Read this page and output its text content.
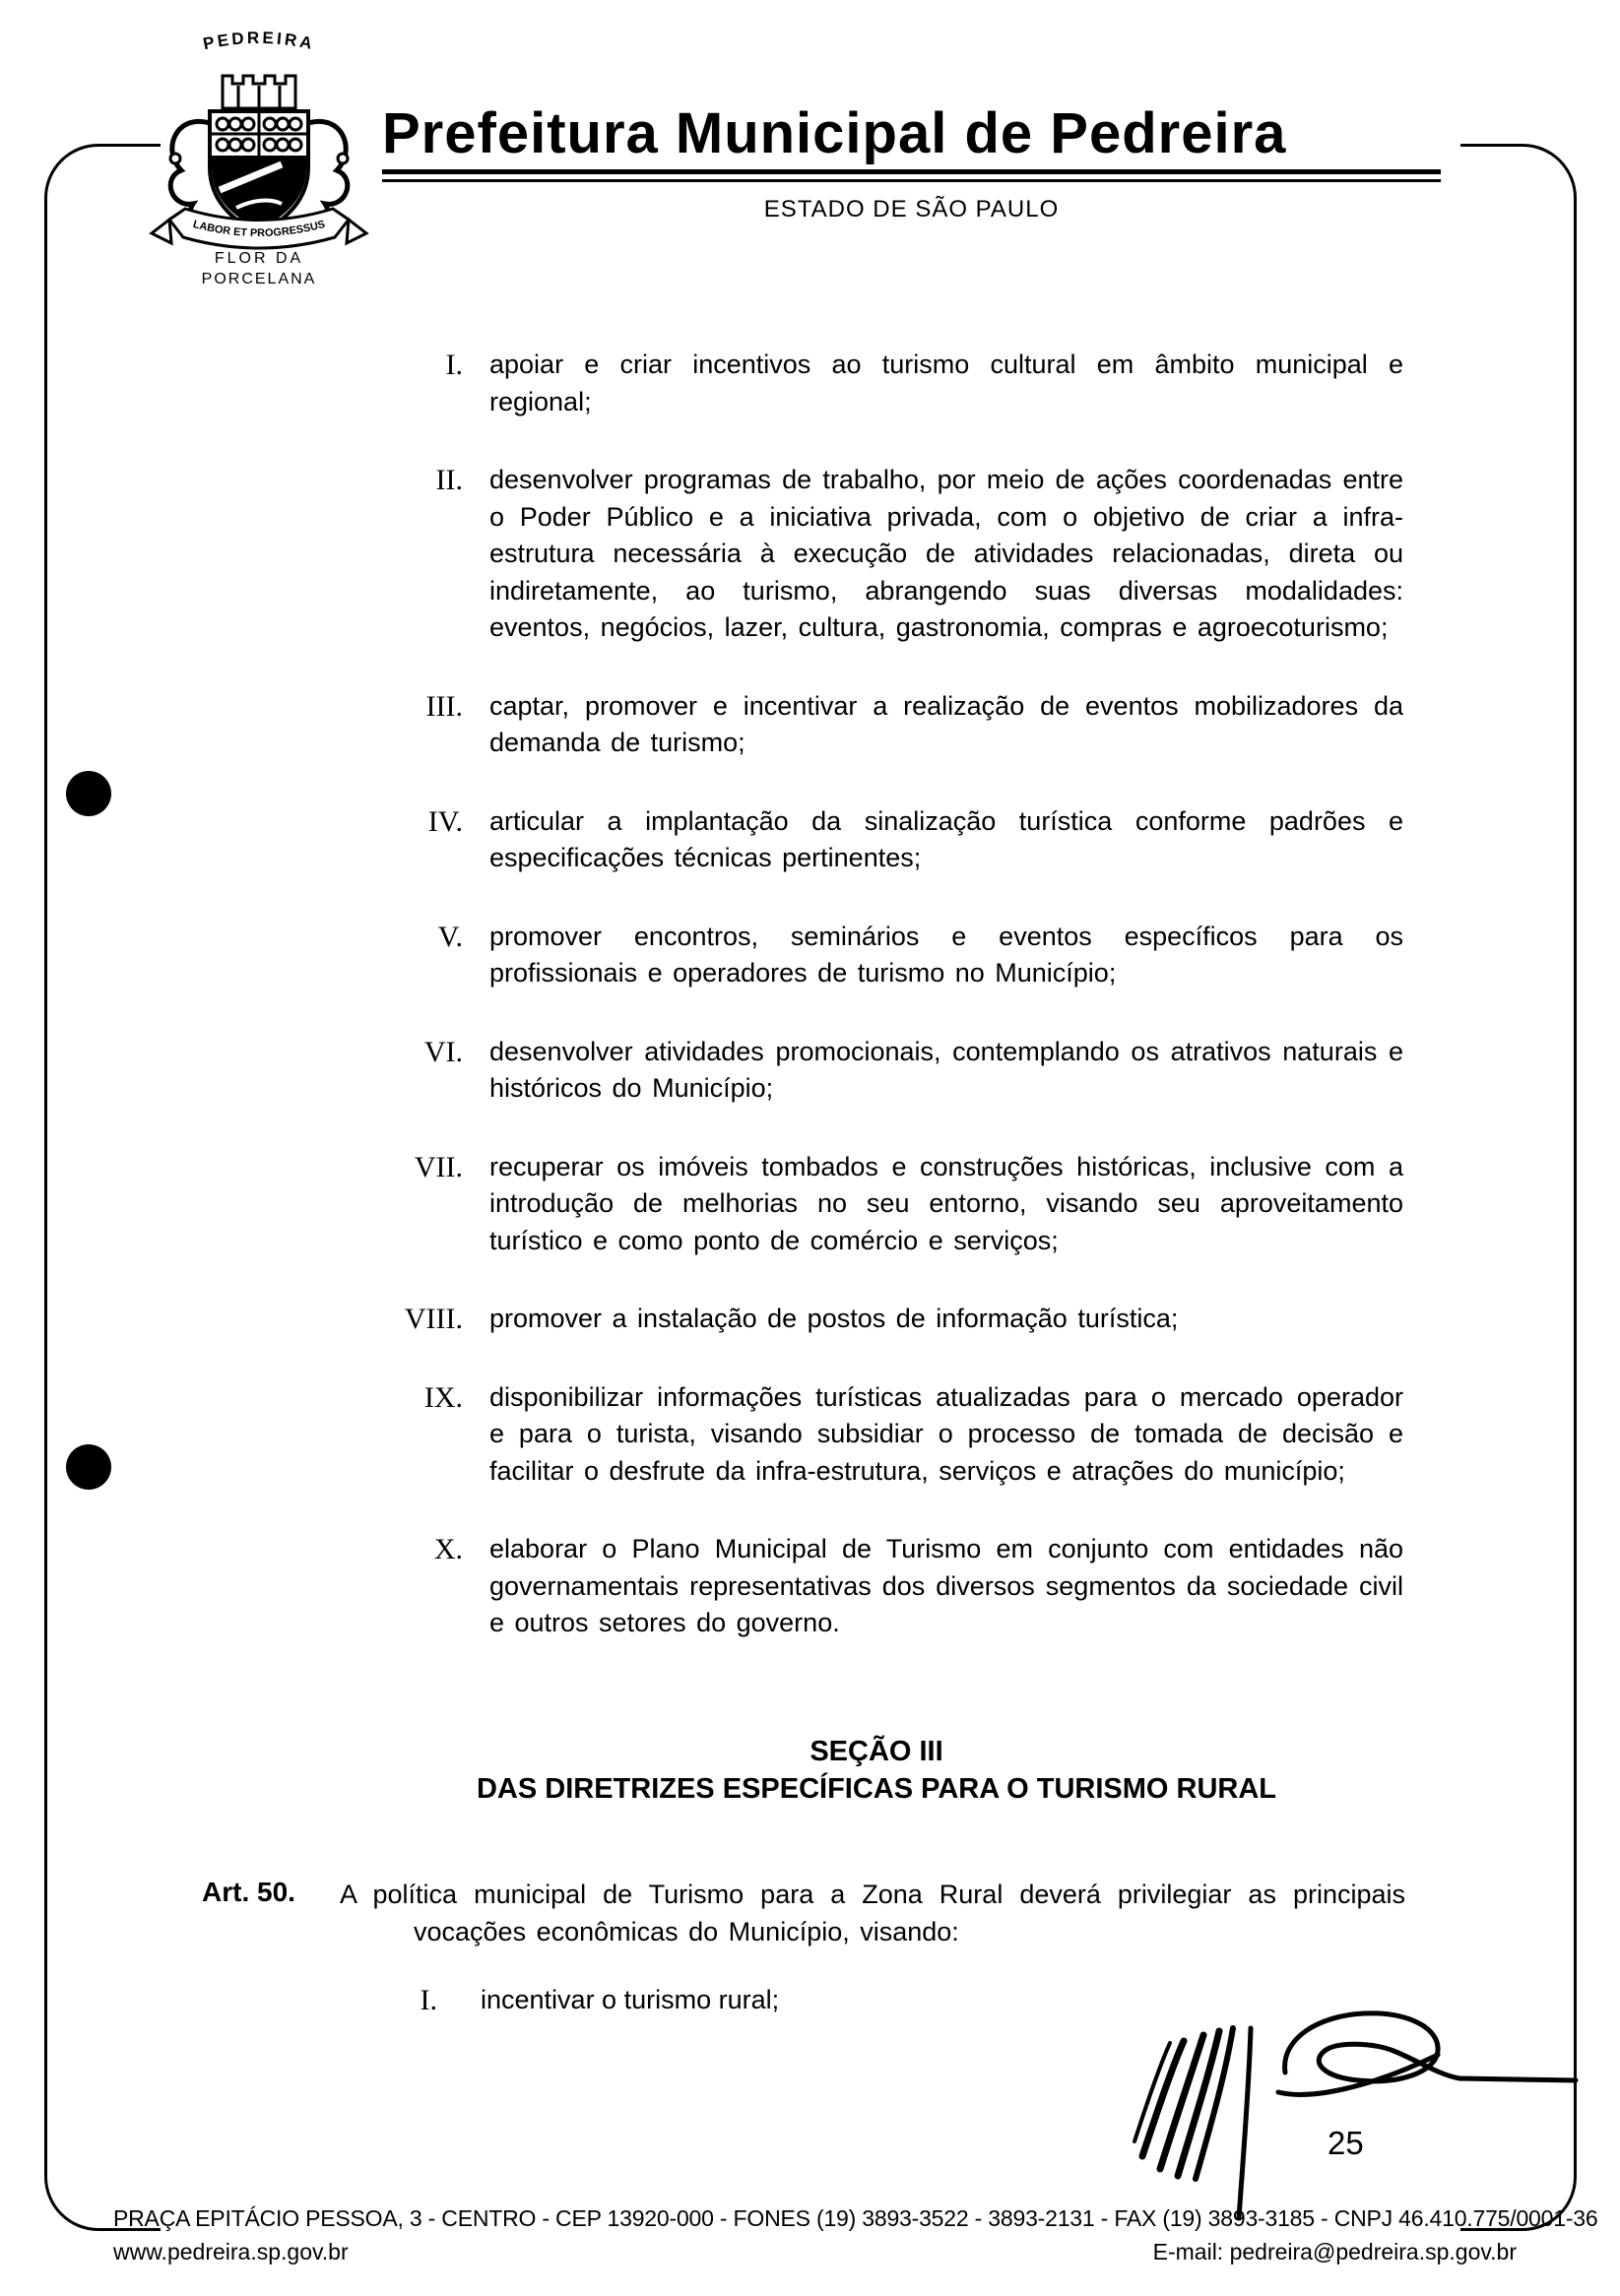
PEDREIRA
LABOR ET PROGRESSUS
FLOR DA
PORCELANA
Prefeitura Municipal de Pedreira
ESTADO DE SÃO PAULO
I. apoiar e criar incentivos ao turismo cultural em âmbito municipal e regional;
II. desenvolver programas de trabalho, por meio de ações coordenadas entre o Poder Público e a iniciativa privada, com o objetivo de criar a infra-estrutura necessária à execução de atividades relacionadas, direta ou indiretamente, ao turismo, abrangendo suas diversas modalidades: eventos, negócios, lazer, cultura, gastronomia, compras e agroecoturismo;
III. captar, promover e incentivar a realização de eventos mobilizadores da demanda de turismo;
IV. articular a implantação da sinalização turística conforme padrões e especificações técnicas pertinentes;
V. promover encontros, seminários e eventos específicos para os profissionais e operadores de turismo no Município;
VI. desenvolver atividades promocionais, contemplando os atrativos naturais e históricos do Município;
VII. recuperar os imóveis tombados e construções históricas, inclusive com a introdução de melhorias no seu entorno, visando seu aproveitamento turístico e como ponto de comércio e serviços;
VIII. promover a instalação de postos de informação turística;
IX. disponibilizar informações turísticas atualizadas para o mercado operador e para o turista, visando subsidiar o processo de tomada de decisão e facilitar o desfrute da infra-estrutura, serviços e atrações do município;
X. elaborar o Plano Municipal de Turismo em conjunto com entidades não governamentais representativas dos diversos segmentos da sociedade civil e outros setores do governo.
SEÇÃO III
DAS DIRETRIZES ESPECÍFICAS PARA O TURISMO RURAL
Art. 50.	A política municipal de Turismo para a Zona Rural deverá privilegiar as principais vocações econômicas do Município, visando:

I. incentivar o turismo rural;
25
PRAÇA EPITÁCIO PESSOA, 3 - CENTRO - CEP 13920-000 - FONES (19) 3893-3522 - 3893-2131 - FAX (19) 3893-3185 - CNPJ 46.410.775/0001-36
www.pedreira.sp.gov.br	E-mail: pedreira@pedreira.sp.gov.br
